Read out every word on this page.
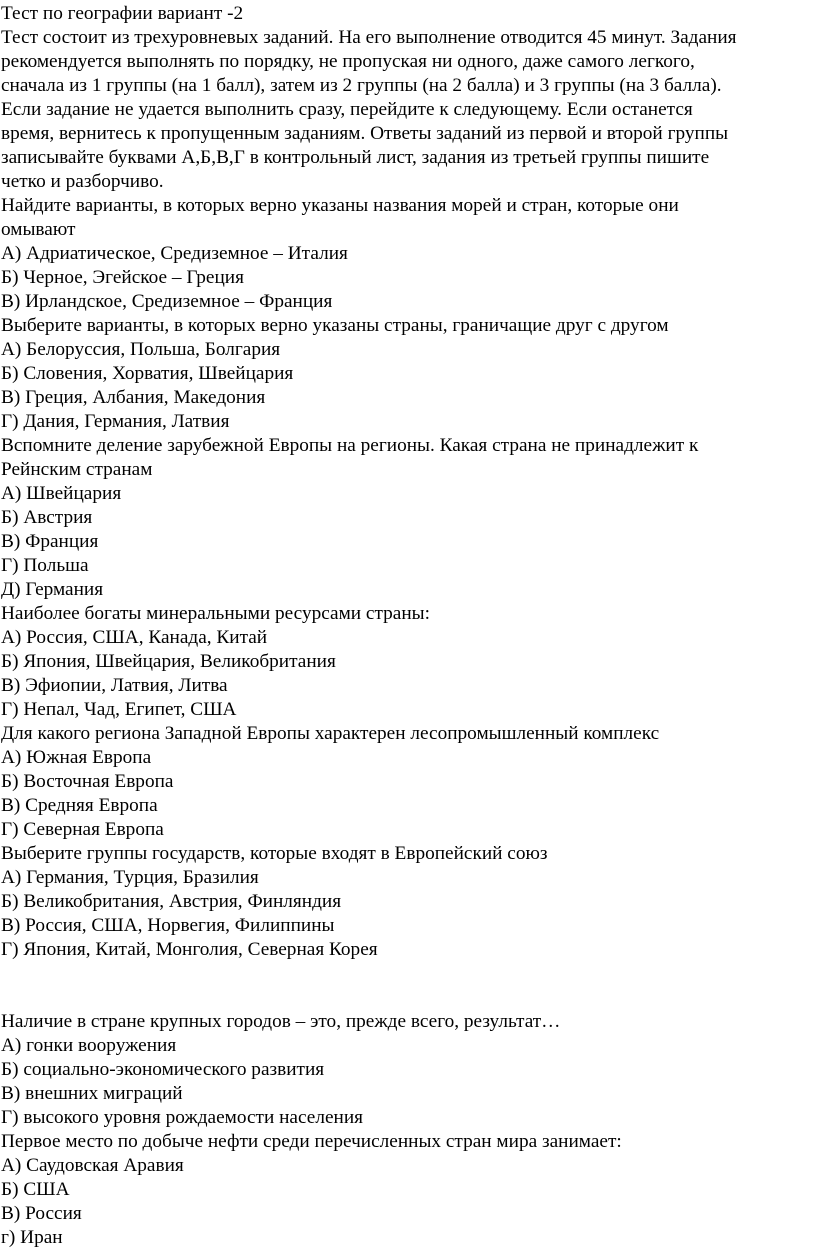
Тест по географии вариант -2
Тест состоит из трехуровневых заданий. На его выполнение отводится 45 минут. Задания
рекомендуется выполнять по порядку, не пропуская ни одного, даже самого легкого,
сначала из 1 группы (на 1 балл), затем из 2 группы (на 2 балла) и 3 группы (на 3 балла).
Если задание не удается выполнить сразу, перейдите к следующему. Если останется
время, вернитесь к пропущенным заданиям. Ответы заданий из первой и второй группы
записывайте буквами А,Б,В,Г в контрольный лист, задания из третьей группы пишите
четко и разборчиво.
Найдите варианты, в которых верно указаны названия морей и стран, которые они
омывают
А) Адриатическое, Средиземное – Италия
Б) Черное, Эгейское – Греция
В) Ирландское, Средиземное – Франция
Выберите варианты, в которых верно указаны страны, граничащие друг с другом
А) Белоруссия, Польша, Болгария
Б) Словения, Хорватия, Швейцария
В) Греция, Албания, Македония
Г) Дания, Германия, Латвия
Вспомните деление зарубежной Европы на регионы. Какая страна не принадлежит к
Рейнским странам
А) Швейцария
Б) Австрия
В) Франция
Г) Польша
Д) Германия
Наиболее богаты минеральными ресурсами страны:
А) Россия, США, Канада, Китай
Б) Япония, Швейцария, Великобритания
В) Эфиопии, Латвия, Литва
Г) Непал, Чад, Египет, США
Для какого региона Западной Европы характерен лесопромышленный комплекс
А) Южная Европа
Б) Восточная Европа
В) Средняя Европа
Г) Северная Европа
Выберите группы государств, которые входят в Европейский союз
А) Германия, Турция, Бразилия
Б) Великобритания, Австрия, Финляндия
В) Россия, США, Норвегия, Филиппины
Г) Япония, Китай, Монголия, Северная Корея
Наличие в стране крупных городов – это, прежде всего, результат…
А) гонки вооружения
Б) социально-экономического развития
В) внешних миграций
Г) высокого уровня рождаемости населения
Первое место по добыче нефти среди перечисленных стран мира занимает:
А) Саудовская Аравия
Б) США
В) Россия
г) Иран
